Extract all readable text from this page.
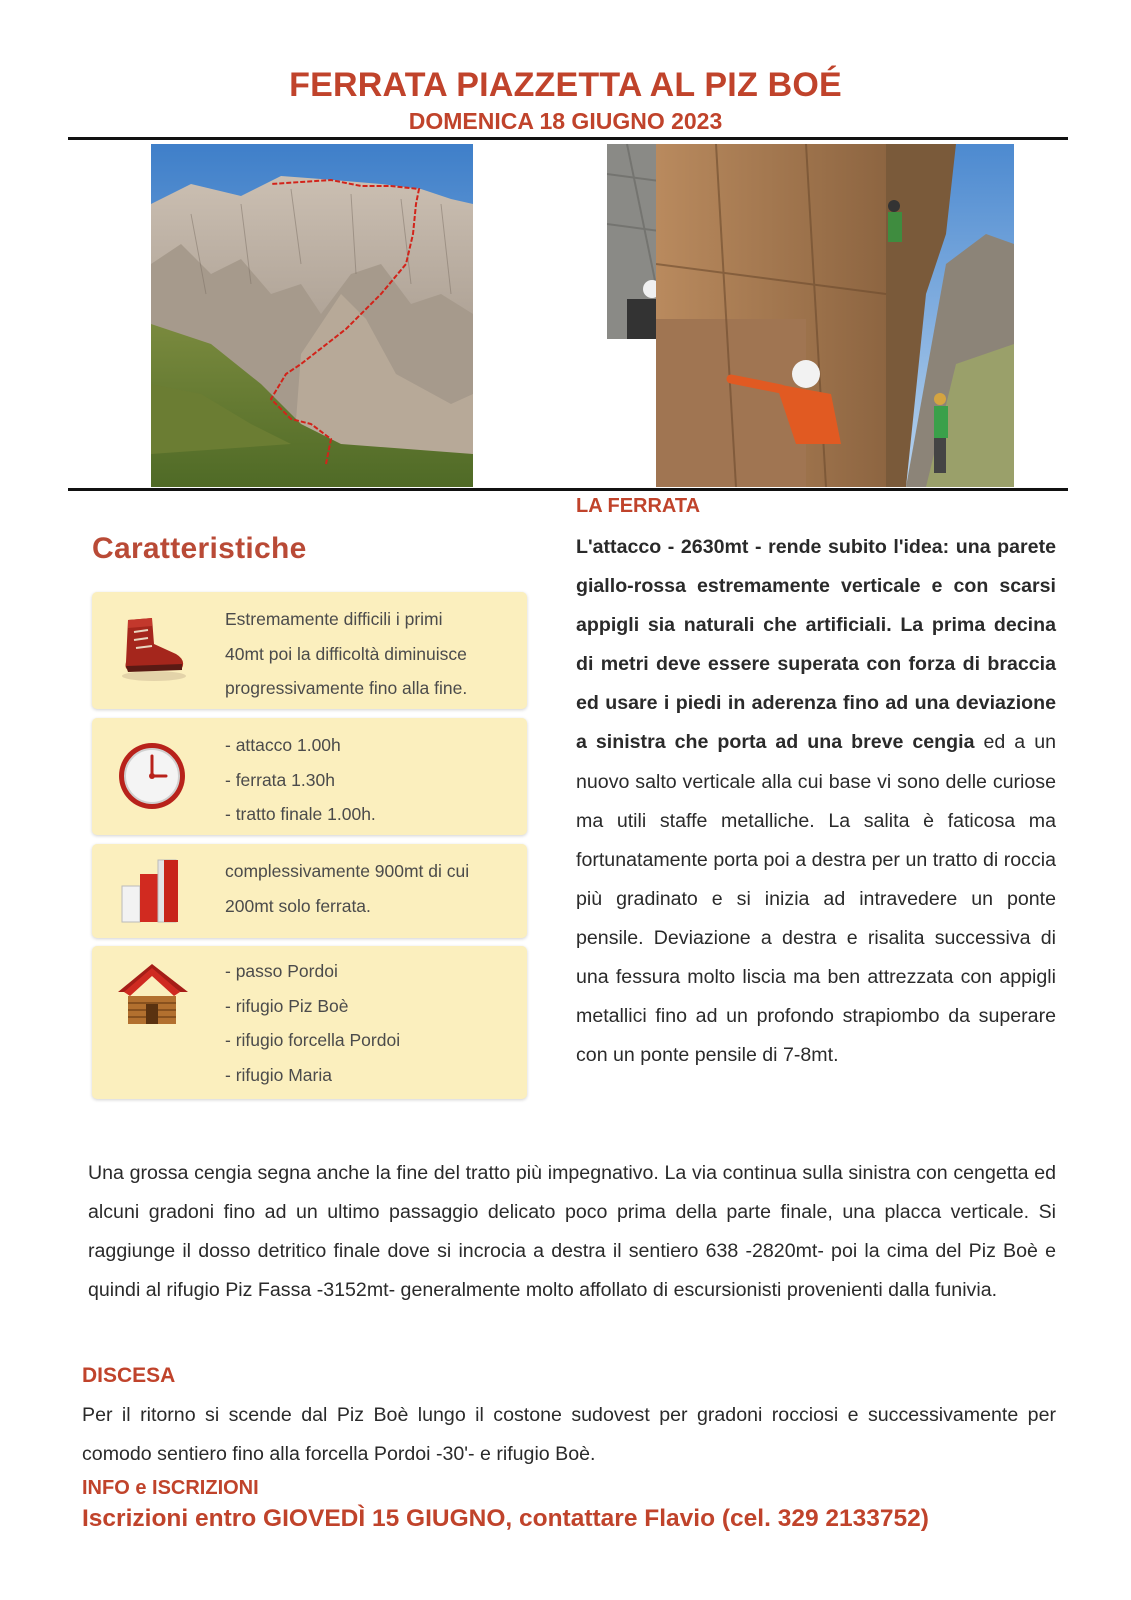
FERRATA PIAZZETTA AL PIZ BOÉ
DOMENICA 18 GIUGNO 2023
Caratteristiche
Estremamente difficili i primi
40mt poi la difficoltà diminuisce
progressivamente fino alla fine.
- attacco 1.00h
- ferrata 1.30h
- tratto finale 1.00h.
complessivamente 900mt di cui
200mt solo ferrata.
- passo Pordoi
- rifugio Piz Boè
- rifugio forcella Pordoi
- rifugio Maria
LA FERRATA
L'attacco - 2630mt - rende subito l'idea: una parete giallo-rossa estremamente verticale e con scarsi appigli sia naturali che artificiali. La prima decina di metri deve essere superata con forza di braccia ed usare i piedi in aderenza fino ad una deviazione a sinistra che porta ad una breve cengia ed a un nuovo salto verticale alla cui base vi sono delle curiose ma utili staffe metalliche. La salita è faticosa ma fortunatamente porta poi a destra per un tratto di roccia più gradinato e si inizia ad intravedere un ponte pensile. Deviazione a destra e risalita successiva di una fessura molto liscia ma ben attrezzata con appigli metallici fino ad un profondo strapiombo da superare con un ponte pensile di 7-8mt.
Una grossa cengia segna anche la fine del tratto più impegnativo. La via continua sulla sinistra con cengetta ed alcuni gradoni fino ad un ultimo passaggio delicato poco prima della parte finale, una placca verticale. Si raggiunge il dosso detritico finale dove si incrocia a destra il sentiero 638 -2820mt- poi la cima del Piz Boè e quindi al rifugio Piz Fassa -3152mt- generalmente molto affollato di escursionisti provenienti dalla funivia.
DISCESA
Per il ritorno si scende dal Piz Boè lungo il costone sudovest per gradoni rocciosi e successivamente per comodo sentiero fino alla forcella Pordoi -30'- e rifugio Boè.
INFO e ISCRIZIONI
Iscrizioni entro GIOVEDÌ 15 GIUGNO, contattare Flavio (cel. 329 2133752)
